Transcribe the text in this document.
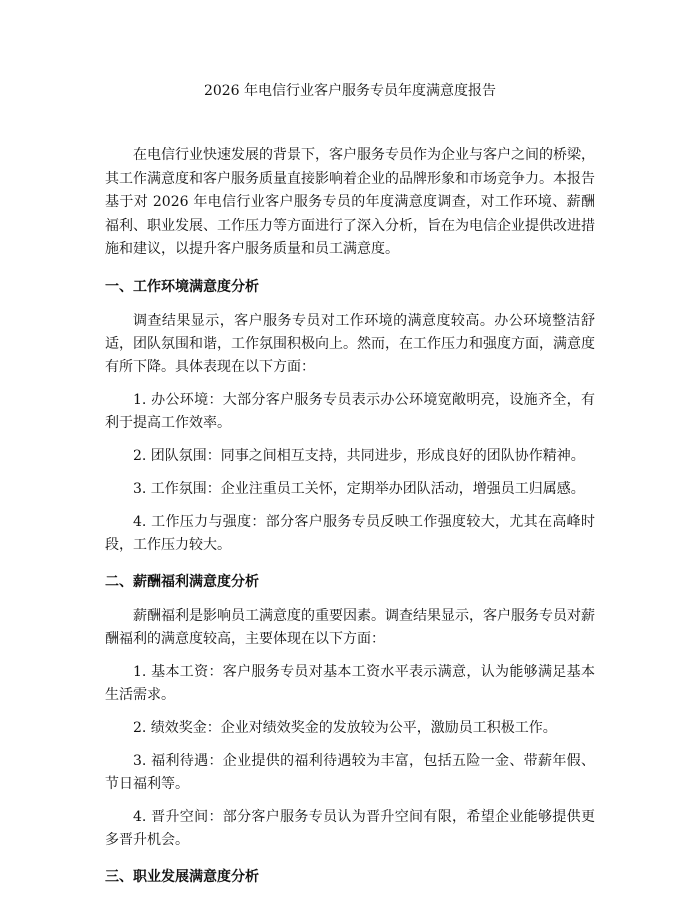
2026 年电信行业客户服务专员年度满意度报告

在电信行业快速发展的背景下，客户服务专员作为企业与客户之间的桥梁，其工作满意度和客户服务质量直接影响着企业的品牌形象和市场竞争力。本报告基于对 2026 年电信行业客户服务专员的年度满意度调查，对工作环境、薪酬福利、职业发展、工作压力等方面进行了深入分析，旨在为电信企业提供改进措施和建议，以提升客户服务质量和员工满意度。

一、工作环境满意度分析

调查结果显示，客户服务专员对工作环境的满意度较高。办公环境整洁舒适，团队氛围和谐，工作氛围积极向上。然而，在工作压力和强度方面，满意度有所下降。具体表现在以下方面：

1. 办公环境：大部分客户服务专员表示办公环境宽敞明亮，设施齐全，有利于提高工作效率。

2. 团队氛围：同事之间相互支持，共同进步，形成良好的团队协作精神。

3. 工作氛围：企业注重员工关怀，定期举办团队活动，增强员工归属感。

4. 工作压力与强度：部分客户服务专员反映工作强度较大，尤其在高峰时段，工作压力较大。

二、薪酬福利满意度分析

薪酬福利是影响员工满意度的重要因素。调查结果显示，客户服务专员对薪酬福利的满意度较高，主要体现在以下方面：

1. 基本工资：客户服务专员对基本工资水平表示满意，认为能够满足基本生活需求。

2. 绩效奖金：企业对绩效奖金的发放较为公平，激励员工积极工作。

3. 福利待遇：企业提供的福利待遇较为丰富，包括五险一金、带薪年假、节日福利等。

4. 晋升空间：部分客户服务专员认为晋升空间有限，希望企业能够提供更多晋升机会。

三、职业发展满意度分析
